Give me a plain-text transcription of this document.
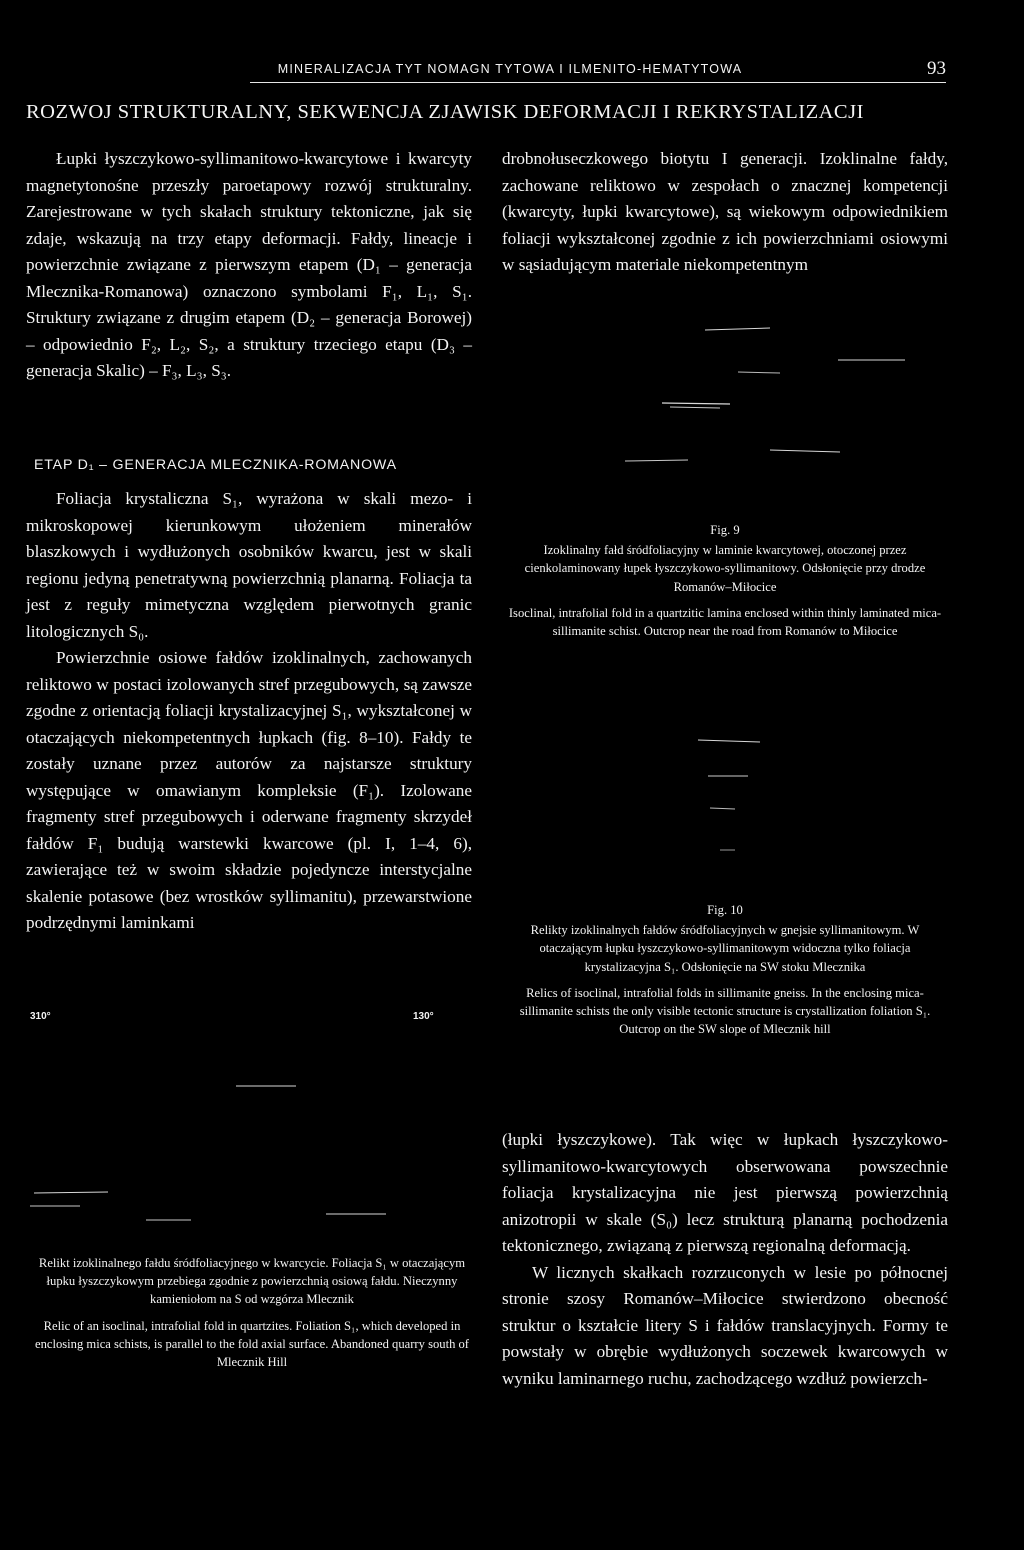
MINERALIZACJA TYT NOMAGN TYTOWA I ILMENITO-HEMATYTOWA	93
ROZWOJ STRUKTURALNY, SEKWENCJA ZJAWISK DEFORMACJI I REKRYSTALIZACJI

Łupki łyszczykowo-syllimanitowo-kwarcytowe i kwarcyty magnetytonośne przeszły paroetapowy rozwój strukturalny. Zarejestrowane w tych skałach struktury tektoniczne, jak się zdaje, wskazują na trzy etapy deformacji. Fałdy, lineacje i powierzchnie związane z pierwszym etapem (D₁ – generacja Mlecznika-Romanowa) oznaczono symbolami F₁, L₁, S₁. Struktury związane z drugim etapem (D₂ – generacja Borowej) – odpowiednio F₂, L₂, S₂, a struktury trzeciego etapu (D₃ – generacja Skalic) – F₃, L₃, S₃.

drobnołuseczkowego biotytu I generacji. Izoklinalne fałdy, zachowane reliktowo w zespołach o znacznej kompetencji (kwarcyty, łupki kwarcytowe), są wiekowym odpowiednikiem foliacji wykształconej zgodnie z ich powierzchniami osiowymi w sąsiadującym materiale niekompetentnym

ETAP D₁ – GENERACJA MLECZNIKA-ROMANOWA

Foliacja krystaliczna S₁, wyrażona w skali mezo- i mikroskopowej kierunkowym ułożeniem minerałów blaszkowych i wydłużonych osobników kwarcu, jest w skali regionu jedyną penetratywną powierzchnią planarną. Foliacja ta jest z reguły mimetyczna względem pierwotnych granic litologicznych S₀.

Powierzchnie osiowe fałdów izoklinalnych, zachowanych reliktowo w postaci izolowanych stref przegubowych, są zawsze zgodne z orientacją foliacji krystalizacyjnej S₁, wykształconej w otaczających niekompetentnych łupkach (fig. 8–10). Fałdy te zostały uznane przez autorów za najstarsze struktury występujące w omawianym kompleksie (F₁). Izolowane fragmenty stref przegubowych i oderwane fragmenty skrzydeł fałdów F₁ budują warstewki kwarcowe (pl. I, 1–4, 6), zawierające też w swoim składzie pojedyncze interstycjalne skalenie potasowe (bez wrostków syllimanitu), przewarstwione podrzędnymi laminkami

Fig. 9

Izoklinalny fałd śródfoliacyjny w laminie kwarcytowej, otoczonej przez cienkolaminowany łupek łyszczykowo-syllimanitowy. Odsłonięcie przy drodze Romanów–Miłocice

Isoclinal, intrafolial fold in a quartzitic lamina enclosed within thinly laminated mica-sillimanite schist. Outcrop near the road from Romanów to Miłocice

Fig. 10

Relikty izoklinalnych fałdów śródfoliacyjnych w gnejsie syllimanitowym. W otaczającym łupku łyszczykowo-syllimanitowym widoczna tylko foliacja krystalizacyjna S₁. Odsłonięcie na SW stoku Mlecznika

Relics of isoclinal, intrafolial folds in sillimanite gneiss. In the enclosing mica-sillimanite schists the only visible tectonic structure is crystallization foliation S₁. Outcrop on the SW slope of Mlecznik hill

310°	130°

Relikt izoklinalnego fałdu śródfoliacyjnego w kwarcycie. Foliacja S₁ w otaczającym łupku łyszczykowym przebiega zgodnie z powierzchnią osiową fałdu. Nieczynny kamieniołom na S od wzgórza Mlecznik

Relic of an isoclinal, intrafolial fold in quartzites. Foliation S₁, which developed in enclosing mica schists, is parallel to the fold axial surface. Abandoned quarry south of Mlecznik Hill

(łupki łyszczykowe). Tak więc w łupkach łyszczykowo-syllimanitowo-kwarcytowych obserwowana powszechnie foliacja krystalizacyjna nie jest pierwszą powierzchnią anizotropii w skale (S₀) lecz strukturą planarną pochodzenia tektonicznego, związaną z pierwszą regionalną deformacją.

W licznych skałkach rozrzuconych w lesie po północnej stronie szosy Romanów–Miłocice stwierdzono obecność struktur o kształcie litery S i fałdów translacyjnych. Formy te powstały w obrębie wydłużonych soczewek kwarcowych w wyniku laminarnego ruchu, zachodzącego wzdłuż powierzch-
